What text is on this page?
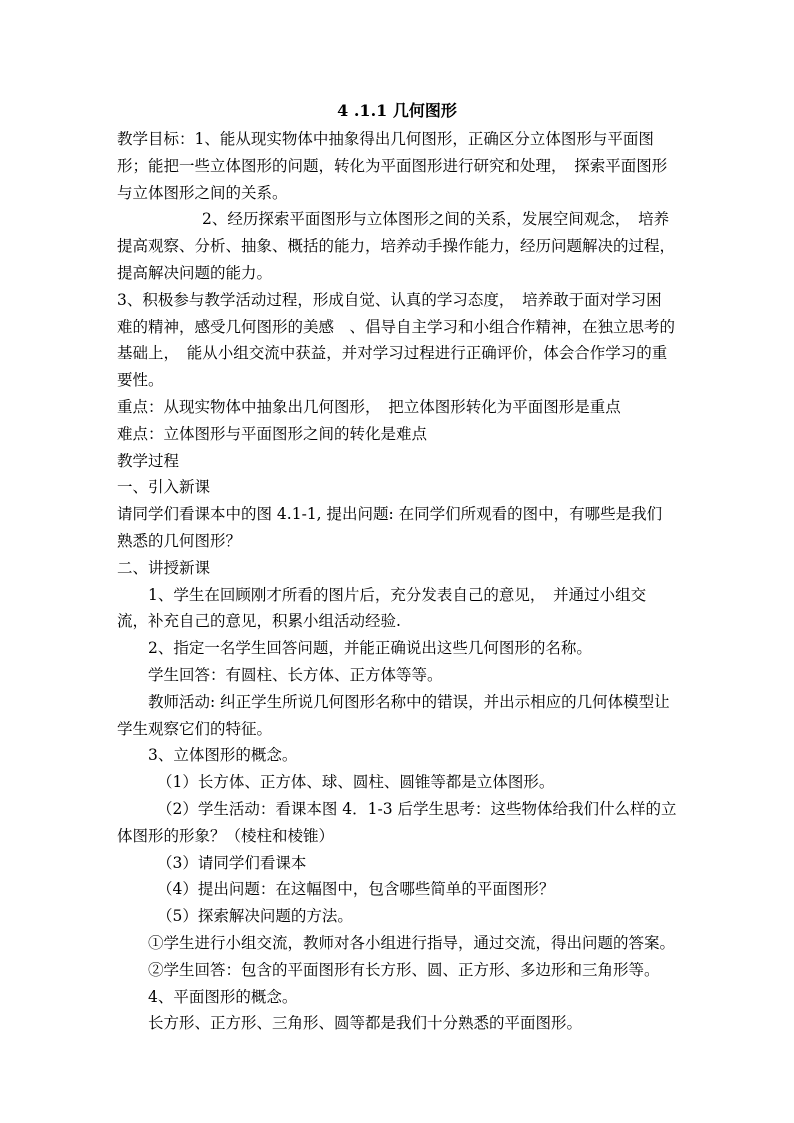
4 .1.1 几何图形

教学目标：1、能从现实物体中抽象得出几何图形，正确区分立体图形与平面图形；能把一些立体图形的问题，转化为平面图形进行研究和处理，　探索平面图形与立体图形之间的关系。

2、经历探索平面图形与立体图形之间的关系，发展空间观念，　培养提高观察、分析、抽象、概括的能力，培养动手操作能力，经历问题解决的过程，提高解决问题的能力。

3、积极参与教学活动过程，形成自觉、认真的学习态度，　培养敢于面对学习困难的精神，感受几何图形的美感　、倡导自主学习和小组合作精神，在独立思考的基础上，　能从小组交流中获益，并对学习过程进行正确评价，体会合作学习的重要性。

重点：从现实物体中抽象出几何图形，　把立体图形转化为平面图形是重点

难点：立体图形与平面图形之间的转化是难点

教学过程

一、引入新课

请同学们看课本中的图 4.1-1, 提出问题: 在同学们所观看的图中，有哪些是我们熟悉的几何图形？

二、讲授新课

1、学生在回顾刚才所看的图片后，充分发表自己的意见，　并通过小组交流，补充自己的意见，积累小组活动经验.

2、指定一名学生回答问题，并能正确说出这些几何图形的名称。

学生回答：有圆柱、长方体、正方体等等。

教师活动: 纠正学生所说几何图形名称中的错误，并出示相应的几何体模型让学生观察它们的特征。

3、立体图形的概念。

（1）长方体、正方体、球、圆柱、圆锥等都是立体图形。

（2）学生活动：看课本图 4．1-3 后学生思考：这些物体给我们什么样的立体图形的形象？（棱柱和棱锥）

（3）请同学们看课本

（4）提出问题：在这幅图中，包含哪些简单的平面图形？

（5）探索解决问题的方法。

①学生进行小组交流，教师对各小组进行指导，通过交流，得出问题的答案。

②学生回答：包含的平面图形有长方形、圆、正方形、多边形和三角形等。

4、平面图形的概念。

长方形、正方形、三角形、圆等都是我们十分熟悉的平面图形。
